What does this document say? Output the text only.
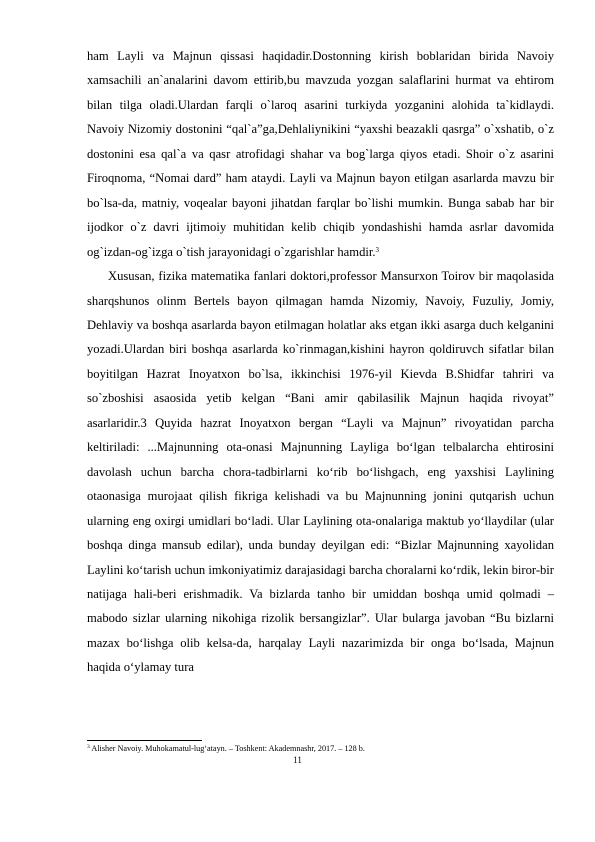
ham Layli va Majnun qissasi haqidadir.Dostonning kirish boblaridan birida Navoiy xamsachili an`analarini davom ettirib,bu mavzuda yozgan salaflarini hurmat va ehtirom bilan tilga oladi.Ulardan farqli o`laroq asarini turkiyda yozganini alohida ta`kidlaydi. Navoiy Nizomiy dostonini “qal`a”ga,Dehlaliynikini “yaxshi beazakli qasrga” o`xshatib, o`z dostonini esa qal`a va qasr atrofidagi shahar va bog`larga qiyos etadi. Shoir o`z asarini Firoqnoma, “Nomai dard” ham ataydi. Layli va Majnun bayon etilgan asarlarda mavzu bir bo`lsa-da, matniy, voqealar bayoni jihatdan farqlar bo`lishi mumkin. Bunga sabab har bir ijodkor o`z davri ijtimoiy muhitidan kelib chiqib yondashishi hamda asrlar davomida og`izdan-og`izga o`tish jarayonidagi o`zgarishlar hamdir.$^3$

Xususan, fizika matematika fanlari doktori,professor Mansurxon Toirov bir maqolasida sharqshunos olinm Bertels bayon qilmagan hamda Nizomiy, Navoiy, Fuzuliy, Jomiy, Dehlaviy va boshqa asarlarda bayon etilmagan holatlar aks etgan ikki asarga duch kelganini yozadi.Ulardan biri boshqa asarlarda ko`rinmagan,kishini hayron qoldiruvch sifatlar bilan boyitilgan Hazrat Inoyatxon bo`lsa, ikkinchisi 1976-yil Kievda B.Shidfar tahriri va so`zboshisi asaosida yetib kelgan “Bani amir qabilasilik Majnun haqida rivoyat” asarlaridir.3 Quyida hazrat Inoyatxon bergan “Layli va Majnun” rivoyatidan parcha keltiriladi: ...Majnunning ota-onasi Majnunning Layliga bo‘lgan telbalarcha ehtirosini davolash uchun barcha chora-tadbirlarni ko‘rib bo‘lishgach, eng yaxshisi Laylining otaonasiga murojaat qilish fikriga kelishadi va bu Majnunning jonini qutqarish uchun ularning eng oxirgi umidlari bo‘ladi. Ular Laylining ota-onalariga maktub yo‘llaydilar (ular boshqa dinga mansub edilar), unda bunday deyilgan edi: “Bizlar Majnunning xayolidan Laylini ko‘tarish uchun imkoniyatimiz darajasidagi barcha choralarni ko‘rdik, lekin biror-bir natijaga hali-beri erishmadik. Va bizlarda tanho bir umiddan boshqa umid qolmadi – mabodo sizlar ularning nikohiga rizolik bersangizlar”. Ular bularga javoban “Bu bizlarni mazax bo‘lishga olib kelsa-da, harqalay Layli nazarimizda bir onga bo‘lsada, Majnun haqida o‘ylamay tura

$^3$ Alisher Navoiy. Muhokamatul-lug‘atayn. – Toshkent: Akademnashr, 2017. – 128 b.
11
